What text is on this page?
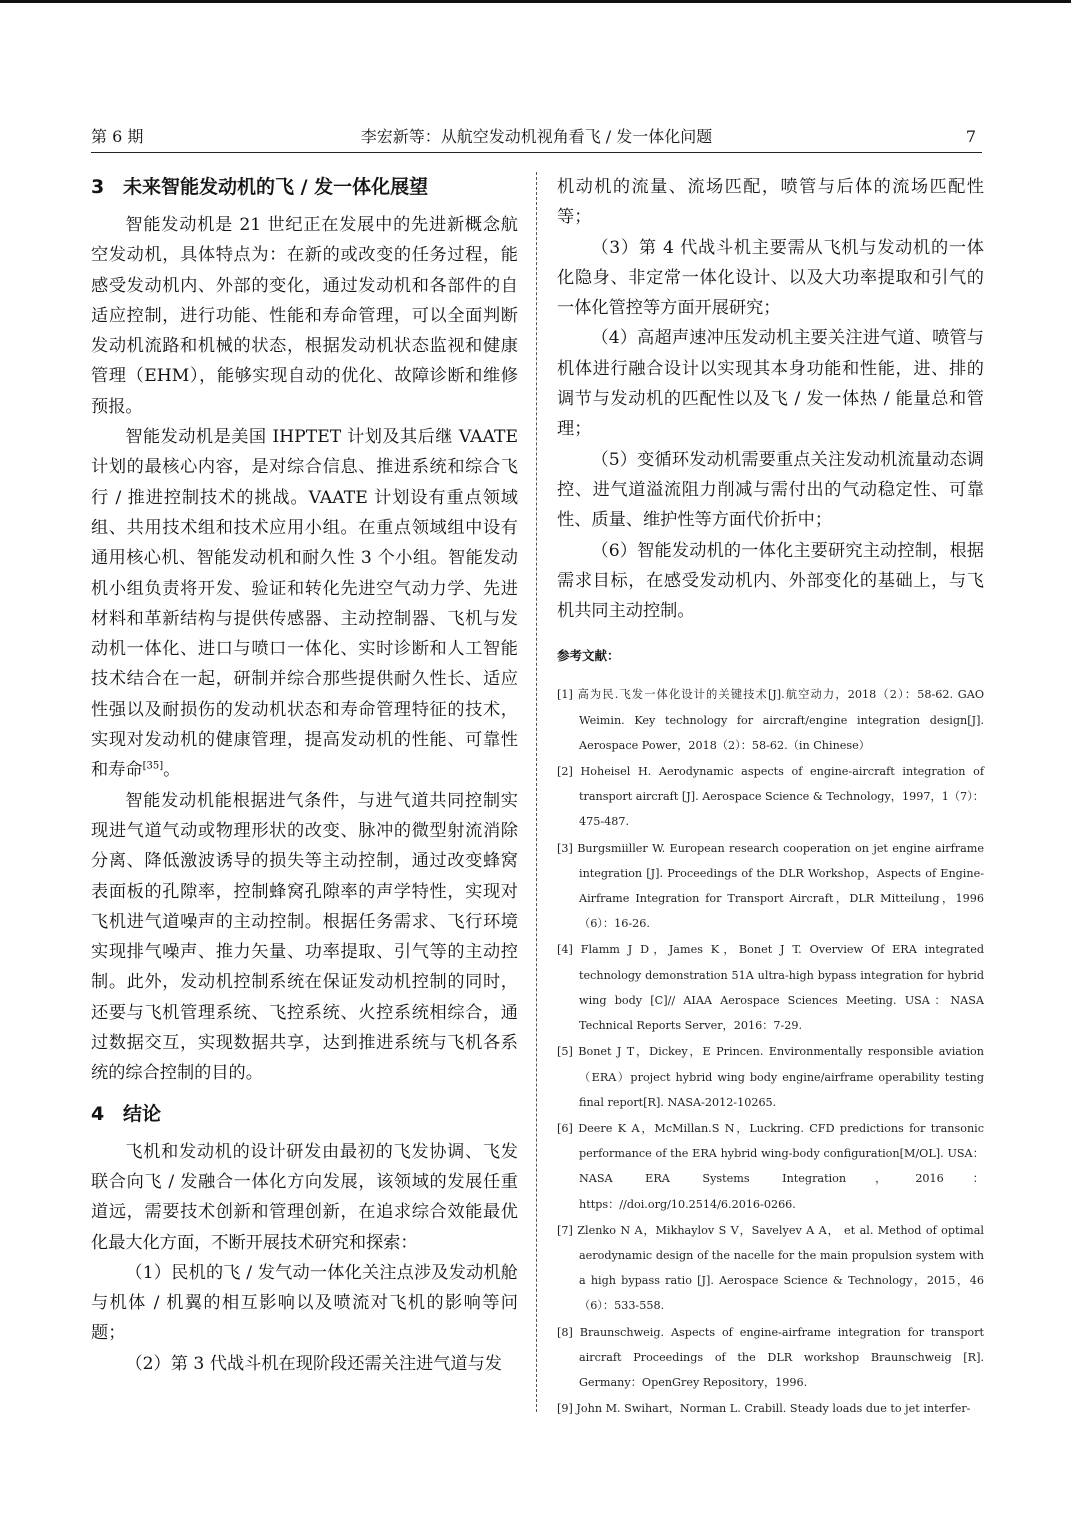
第 6 期	李宏新等：从航空发动机视角看飞 / 发一体化问题	7
3 未来智能发动机的飞 / 发一体化展望

智能发动机是 21 世纪正在发展中的先进新概念航空发动机，具体特点为：在新的或改变的任务过程，能感受发动机内、外部的变化，通过发动机和各部件的自适应控制，进行功能、性能和寿命管理，可以全面判断发动机流路和机械的状态，根据发动机状态监视和健康管理（EHM），能够实现自动的优化、故障诊断和维修预报。

智能发动机是美国 IHPTET 计划及其后继 VAATE 计划的最核心内容，是对综合信息、推进系统和综合飞行 / 推进控制技术的挑战。VAATE 计划设有重点领域组、共用技术组和技术应用小组。在重点领域组中设有通用核心机、智能发动机和耐久性 3 个小组。智能发动机小组负责将开发、验证和转化先进空气动力学、先进材料和革新结构与提供传感器、主动控制器、飞机与发动机一体化、进口与喷口一体化、实时诊断和人工智能技术结合在一起，研制并综合那些提供耐久性长、适应性强以及耐损伤的发动机状态和寿命管理特征的技术，实现对发动机的健康管理，提高发动机的性能、可靠性和寿命[35]。

智能发动机能根据进气条件，与进气道共同控制实现进气道气动或物理形状的改变、脉冲的微型射流消除分离、降低激波诱导的损失等主动控制，通过改变蜂窝表面板的孔隙率，控制蜂窝孔隙率的声学特性，实现对飞机进气道噪声的主动控制。根据任务需求、飞行环境实现排气噪声、推力矢量、功率提取、引气等的主动控制。此外，发动机控制系统在保证发动机控制的同时，还要与飞机管理系统、飞控系统、火控系统相综合，通过数据交互，实现数据共享，达到推进系统与飞机各系统的综合控制的目的。

4 结论

飞机和发动机的设计研发由最初的飞发协调、飞发联合向飞 / 发融合一体化方向发展，该领域的发展任重道远，需要技术创新和管理创新，在追求综合效能最优化最大化方面，不断开展技术研究和探索：

（1）民机的飞 / 发气动一体化关注点涉及发动机舱与机体 / 机翼的相互影响以及喷流对飞机的影响等问题；

（2）第 3 代战斗机在现阶段还需关注进气道与发

机动机的流量、流场匹配，喷管与后体的流场匹配性等；

（3）第 4 代战斗机主要需从飞机与发动机的一体化隐身、非定常一体化设计、以及大功率提取和引气的一体化管控等方面开展研究；

（4）高超声速冲压发动机主要关注进气道、喷管与机体进行融合设计以实现其本身功能和性能，进、排的调节与发动机的匹配性以及飞 / 发一体热 / 能量总和管理；

（5）变循环发动机需要重点关注发动机流量动态调控、进气道溢流阻力削减与需付出的气动稳定性、可靠性、质量、维护性等方面代价折中；

（6）智能发动机的一体化主要研究主动控制，根据需求目标，在感受发动机内、外部变化的基础上，与飞机共同主动控制。

参考文献：
[1] 高为民.飞发一体化设计的关键技术[J].航空动力，2018（2）：58-62. GAO Weimin. Key technology for aircraft/engine integration design[J]. Aerospace Power，2018（2）：58-62.（in Chinese）
[2] Hoheisel H. Aerodynamic aspects of engine-aircraft integration of transport aircraft [J]. Aerospace Science & Technology，1997，1（7）：475-487.
[3] Burgsmiiller W. European research cooperation on jet engine airframe integration [J]. Proceedings of the DLR Workshop，Aspects of Engine-Airframe Integration for Transport Aircraft，DLR Mitteilung，1996（6）：16-26.
[4] Flamm J D，James K，Bonet J T. Overview Of ERA integrated technology demonstration 51A ultra-high bypass integration for hybrid wing body [C]// AIAA Aerospace Sciences Meeting. USA：NASA Technical Reports Server，2016：7-29.
[5] Bonet J T，Dickey，E Princen. Environmentally responsible aviation（ERA）project hybrid wing body engine/airframe operability testing final report[R]. NASA-2012-10265.
[6] Deere K A，McMillan.S N，Luckring. CFD predictions for transonic performance of the ERA hybrid wing-body configuration[M/OL]. USA：NASA ERA Systems Integration，2016：https：//doi.org/10.2514/6.2016-0266.
[7] Zlenko N A，Mikhaylov S V，Savelyev A A， et al. Method of optimal aerodynamic design of the nacelle for the main propulsion system with a high bypass ratio [J]. Aerospace Science & Technology，2015，46（6）：533-558.
[8] Braunschweig. Aspects of engine-airframe integration for transport aircraft Proceedings of the DLR workshop Braunschweig [R]. Germany：OpenGrey Repository，1996.
[9] John M. Swihart，Norman L. Crabill. Steady loads due to jet interfer-
